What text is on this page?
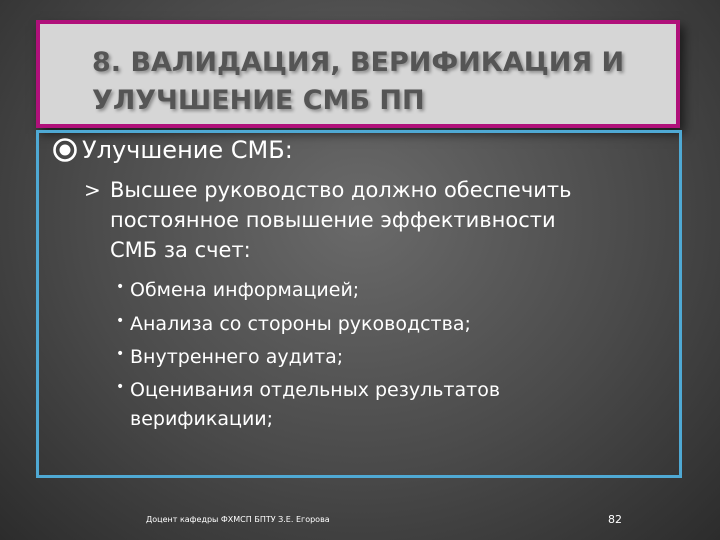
8. ВАЛИДАЦИЯ, ВЕРИФИКАЦИЯ И
УЛУЧШЕНИЕ СМБ ПП
Улучшение СМБ:
> Высшее руководство должно обеспечить
постоянное повышение эффективности
СМБ за счет:
• Обмена информацией;
• Анализа со стороны руководства;
• Внутреннего аудита;
• Оценивания отдельных результатов
верификации;
Доцент кафедры ФХМСП БПТУ З.Е. Егорова	82
